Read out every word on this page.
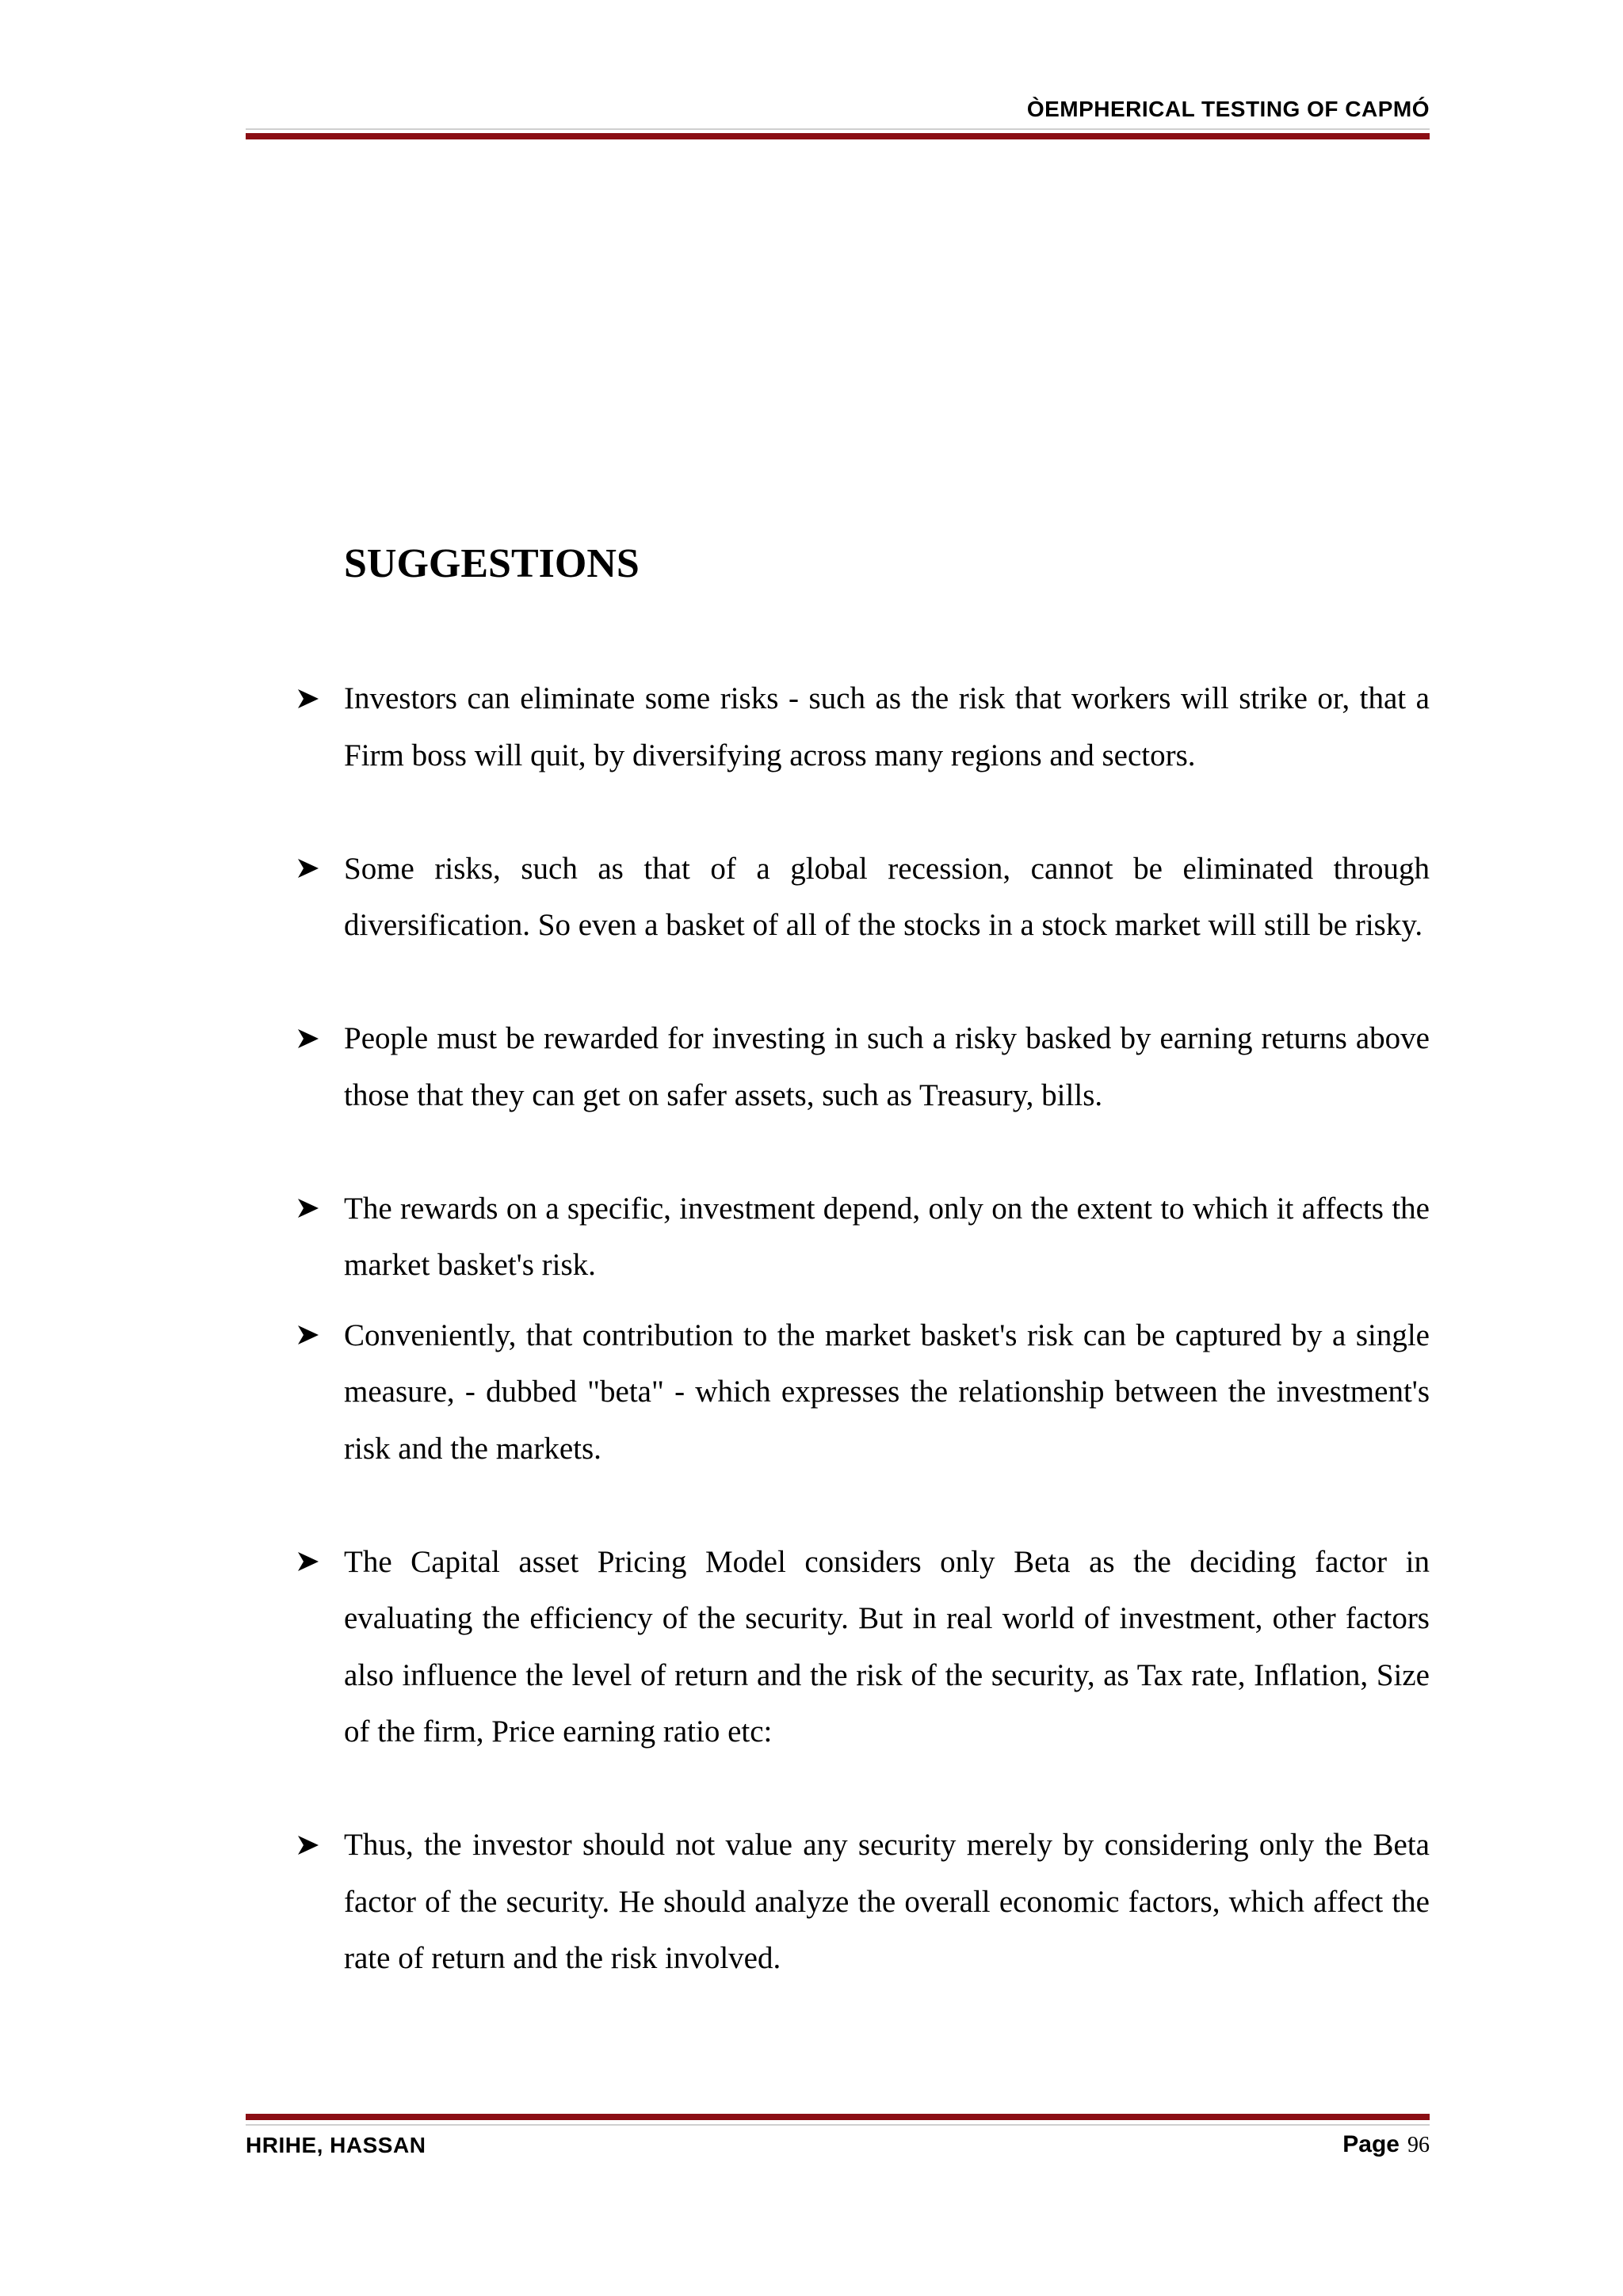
ÒEMPHERICAL TESTING OF CAPMÓ
SUGGESTIONS
Investors can eliminate some risks - such as the risk that workers will strike or, that a Firm boss will quit, by diversifying across many regions and sectors.
Some risks, such as that of a global recession, cannot be eliminated through diversification. So even a basket of all of the stocks in a stock market will still be risky.
People must be rewarded for investing in such a risky basked by earning returns above those that they can get on safer assets, such as Treasury, bills.
The rewards on a specific, investment depend, only on the extent to which it affects the market basket's risk.
Conveniently, that contribution to the market basket's risk can be captured by a single measure, - dubbed "beta" - which expresses the relationship between the investment's risk and the markets.
The Capital asset Pricing Model considers only Beta as the deciding factor in evaluating the efficiency of the security. But in real world of investment, other factors also influence the level of return and the risk of the security, as Tax rate, Inflation, Size of the firm, Price earning ratio etc:
Thus, the investor should not value any security merely by considering only the Beta factor of the security. He should analyze the overall economic factors, which affect the rate of return and the risk involved.
HRIHE, HASSAN	Page 96
